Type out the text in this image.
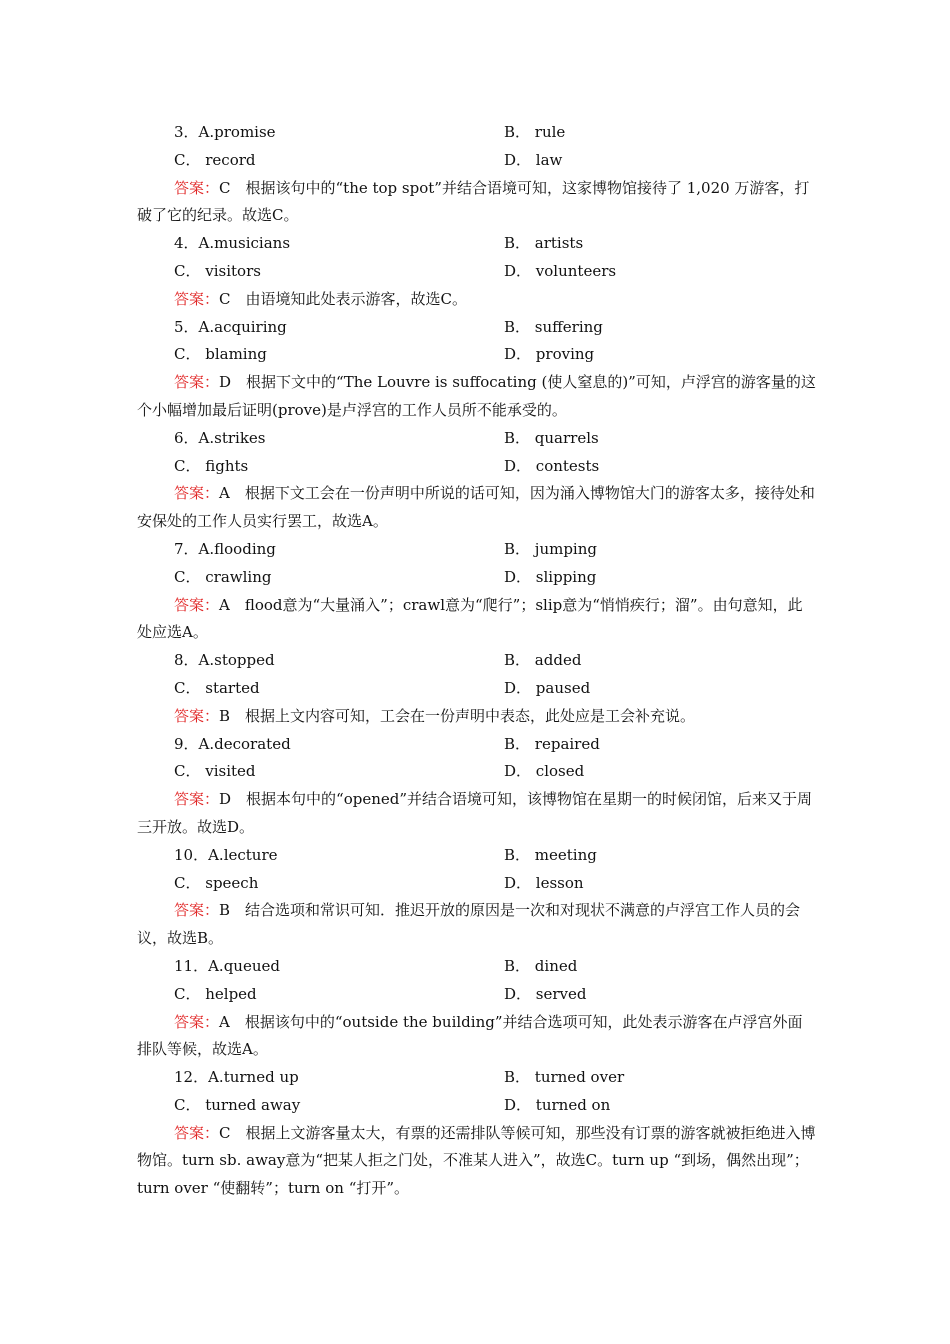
3．A.promise	B． rule
C． record	D． law
答案：C　根据该句中的“the top spot”并结合语境可知，这家博物馆接待了 1,020 万游客，打破了它的纪录。故选C。
4．A.musicians	B． artists
C． visitors	D． volunteers
答案：C　由语境知此处表示游客，故选C。
5．A.acquiring	B． suffering
C． blaming	D． proving
答案：D　根据下文中的“The Louvre is suffocating (使人窒息的)”可知，卢浮宫的游客量的这个小幅增加最后证明(prove)是卢浮宫的工作人员所不能承受的。
6．A.strikes	B． quarrels
C． fights	D． contests
答案：A　根据下文工会在一份声明中所说的话可知，因为涌入博物馆大门的游客太多，接待处和安保处的工作人员实行罢工，故选A。
7．A.flooding	B． jumping
C． crawling	D． slipping
答案：A　flood意为“大量涌入”；crawl意为“爬行”；slip意为“悄悄疾行；溜”。由句意知，此处应选A。
8．A.stopped	B． added
C． started	D． paused
答案：B　根据上文内容可知，工会在一份声明中表态，此处应是工会补充说。
9．A.decorated	B． repaired
C． visited	D． closed
答案：D　根据本句中的“opened”并结合语境可知，该博物馆在星期一的时候闭馆，后来又于周三开放。故选D。
10．A.lecture	B． meeting
C． speech	D． lesson
答案：B　结合选项和常识可知．推迟开放的原因是一次和对现状不满意的卢浮宫工作人员的会议，故选B。
11．A.queued	B． dined
C． helped	D． served
答案：A　根据该句中的“outside the building”并结合选项可知，此处表示游客在卢浮宫外面排队等候，故选A。
12．A.turned up	B． turned over
C． turned away	D． turned on
答案：C　根据上文游客量太大，有票的还需排队等候可知，那些没有订票的游客就被拒绝进入博物馆。turn sb. away意为“把某人拒之门处，不准某人进入”，故选C。turn up “到场，偶然出现”；turn over “使翻转”；turn on “打开”。
